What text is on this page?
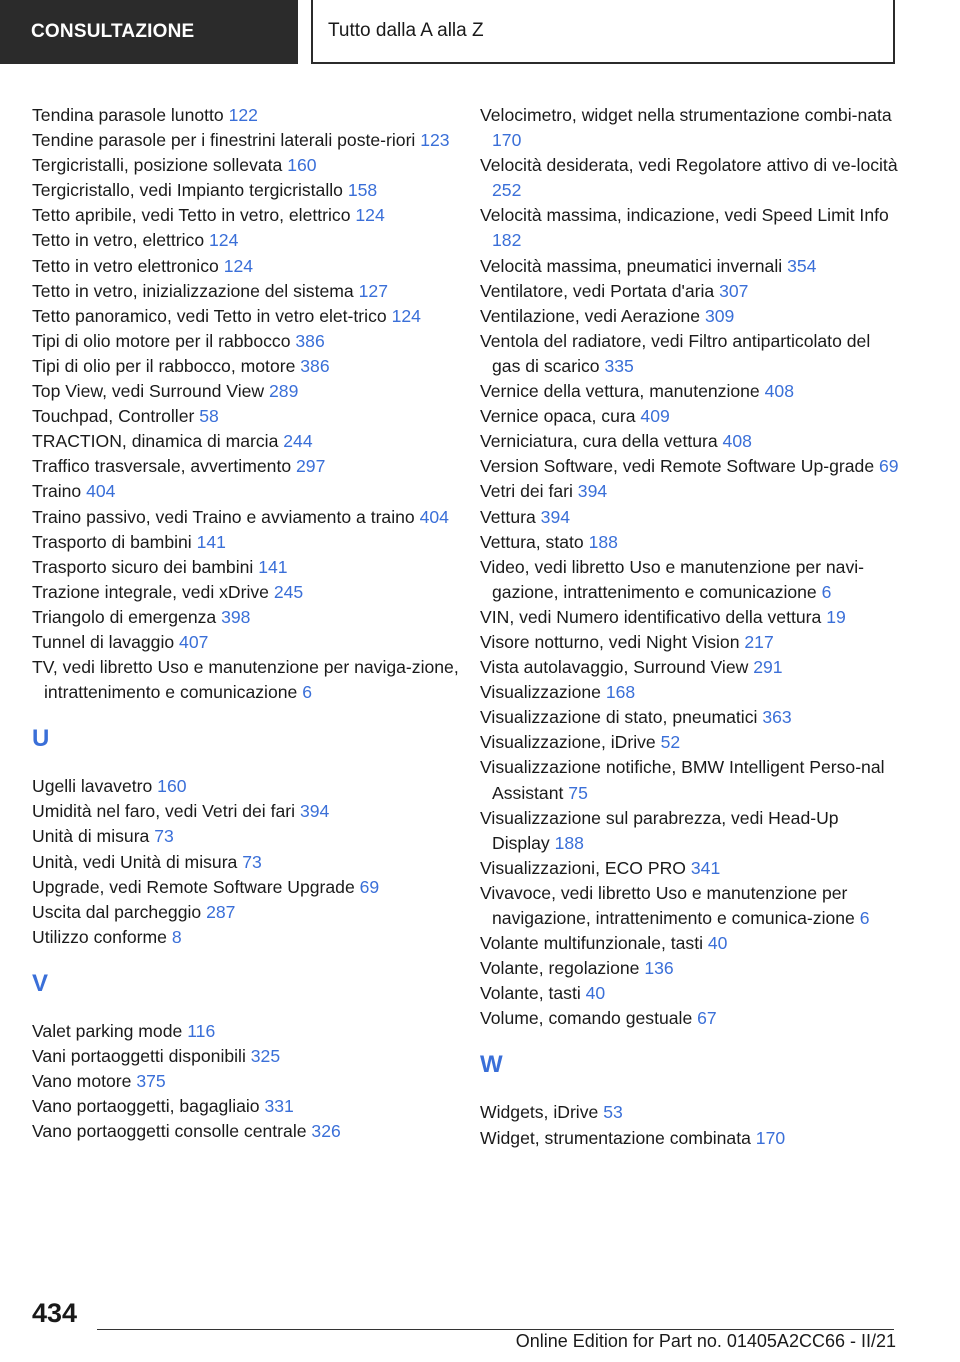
CONSULTAZIONE	Tutto dalla A alla Z
Tendina parasole lunotto 122
Tendine parasole per i finestrini laterali poste-riori 123
Tergicristalli, posizione sollevata 160
Tergicristallo, vedi Impianto tergicristallo 158
Tetto apribile, vedi Tetto in vetro, elettrico 124
Tetto in vetro, elettrico 124
Tetto in vetro elettronico 124
Tetto in vetro, inizializzazione del sistema 127
Tetto panoramico, vedi Tetto in vetro elet-trico 124
Tipi di olio motore per il rabbocco 386
Tipi di olio per il rabbocco, motore 386
Top View, vedi Surround View 289
Touchpad, Controller 58
TRACTION, dinamica di marcia 244
Traffico trasversale, avvertimento 297
Traino 404
Traino passivo, vedi Traino e avviamento a traino 404
Trasporto di bambini 141
Trasporto sicuro dei bambini 141
Trazione integrale, vedi xDrive 245
Triangolo di emergenza 398
Tunnel di lavaggio 407
TV, vedi libretto Uso e manutenzione per naviga-zione, intrattenimento e comunicazione 6
U
Ugelli lavavetro 160
Umidità nel faro, vedi Vetri dei fari 394
Unità di misura 73
Unità, vedi Unità di misura 73
Upgrade, vedi Remote Software Upgrade 69
Uscita dal parcheggio 287
Utilizzo conforme 8
V
Valet parking mode 116
Vani portaoggetti disponibili 325
Vano motore 375
Vano portaoggetti, bagagliaio 331
Vano portaoggetti consolle centrale 326
Velocimetro, widget nella strumentazione combi-nata 170
Velocità desiderata, vedi Regolatore attivo di ve-locità 252
Velocità massima, indicazione, vedi Speed Limit Info 182
Velocità massima, pneumatici invernali 354
Ventilatore, vedi Portata d'aria 307
Ventilazione, vedi Aerazione 309
Ventola del radiatore, vedi Filtro antiparticolato del gas di scarico 335
Vernice della vettura, manutenzione 408
Vernice opaca, cura 409
Verniciatura, cura della vettura 408
Version Software, vedi Remote Software Up-grade 69
Vetri dei fari 394
Vettura 394
Vettura, stato 188
Video, vedi libretto Uso e manutenzione per navi-gazione, intrattenimento e comunicazione 6
VIN, vedi Numero identificativo della vettura 19
Visore notturno, vedi Night Vision 217
Vista autolavaggio, Surround View 291
Visualizzazione 168
Visualizzazione di stato, pneumatici 363
Visualizzazione, iDrive 52
Visualizzazione notifiche, BMW Intelligent Perso-nal Assistant 75
Visualizzazione sul parabrezza, vedi Head-Up Display 188
Visualizzazioni, ECO PRO 341
Vivavoce, vedi libretto Uso e manutenzione per navigazione, intrattenimento e comunica-zione 6
Volante multifunzionale, tasti 40
Volante, regolazione 136
Volante, tasti 40
Volume, comando gestuale 67
W
Widgets, iDrive 53
Widget, strumentazione combinata 170
434
Online Edition for Part no. 01405A2CC66 - II/21
